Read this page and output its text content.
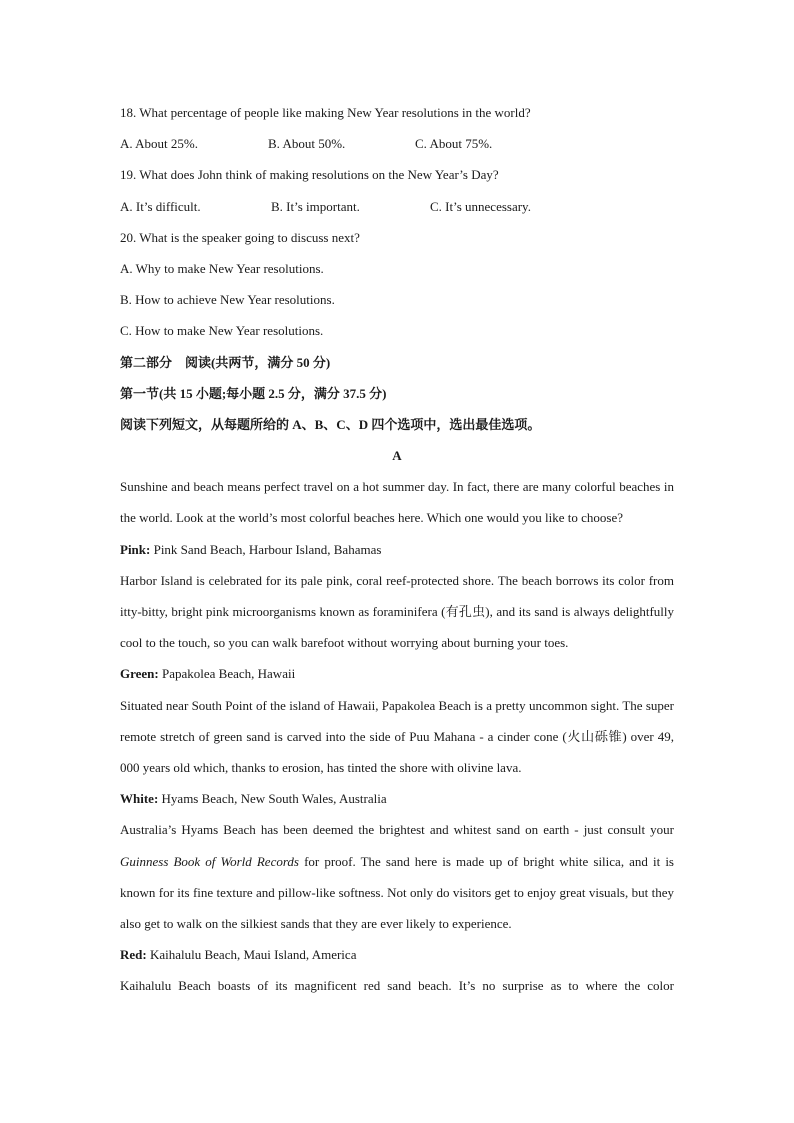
18. What percentage of people like making New Year resolutions in the world?
A. About 25%.	B. About 50%.	C. About 75%.
19. What does John think of making resolutions on the New Year’s Day?
A. It’s difficult.	B. It’s important.	C. It’s unnecessary.
20. What is the speaker going to discuss next?
A. Why to make New Year resolutions.
B. How to achieve New Year resolutions.
C. How to make New Year resolutions.
第二部分　阅读(共两节，满分 50 分)
第一节(共 15 小题;每小题 2.5 分，满分 37.5 分)
阅读下列短文，从每题所给的 A、B、C、D 四个选项中，选出最佳选项。
A
Sunshine and beach means perfect travel on a hot summer day. In fact, there are many colorful beaches in the world. Look at the world’s most colorful beaches here. Which one would you like to choose?
Pink: Pink Sand Beach, Harbour Island, Bahamas
Harbor Island is celebrated for its pale pink, coral reef-protected shore. The beach borrows its color from itty-bitty, bright pink microorganisms known as foraminifera (有孔虫), and its sand is always delightfully cool to the touch, so you can walk barefoot without worrying about burning your toes.
Green: Papakolea Beach, Hawaii
Situated near South Point of the island of Hawaii, Papakolea Beach is a pretty uncommon sight. The super remote stretch of green sand is carved into the side of Puu Mahana - a cinder cone (火山砾锥) over 49, 000 years old which, thanks to erosion, has tinted the shore with olivine lava.
White: Hyams Beach, New South Wales, Australia
Australia’s Hyams Beach has been deemed the brightest and whitest sand on earth - just consult your Guinness Book of World Records for proof. The sand here is made up of bright white silica, and it is known for its fine texture and pillow-like softness. Not only do visitors get to enjoy great visuals, but they also get to walk on the silkiest sands that they are ever likely to experience.
Red: Kaihalulu Beach, Maui Island, America
Kaihalulu Beach boasts of its magnificent red sand beach. It’s no surprise as to where the color
